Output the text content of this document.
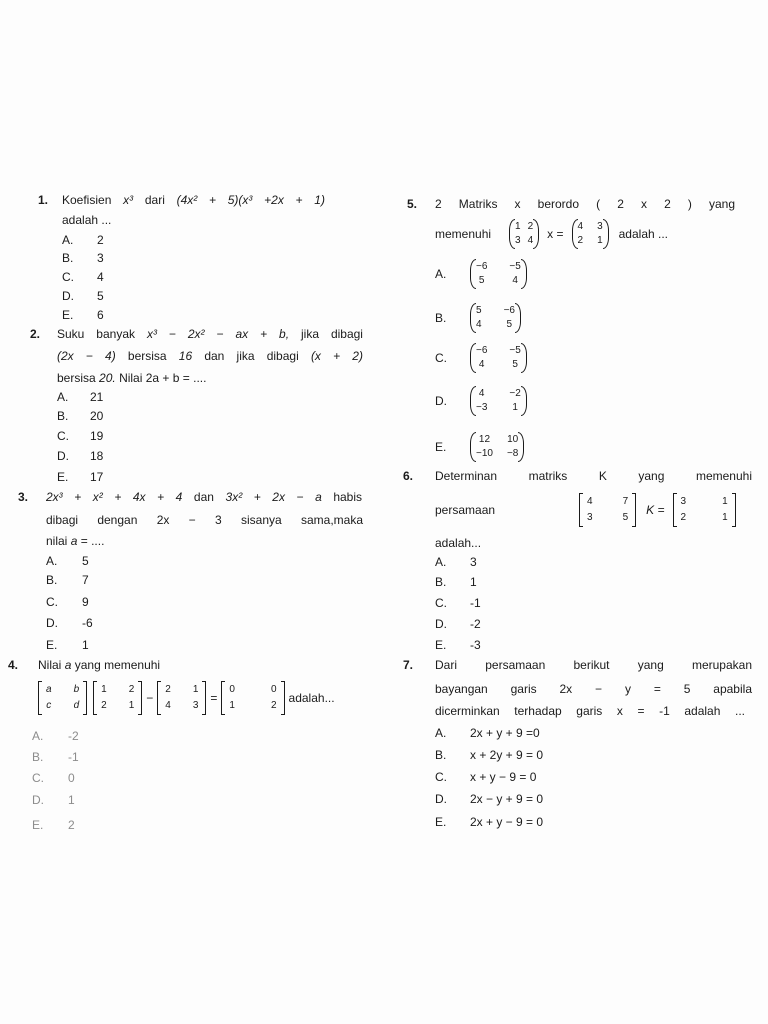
1. Koefisien x³ dari (4x² + 5)(x³ +2x + 1)
adalah ...
A. 2
B. 3
C. 4
D. 5
E. 6
2. Suku banyak x³ − 2x² − ax + b, jika dibagi
(2x − 4) bersisa 16 dan jika dibagi (x + 2)
bersisa 20. Nilai 2a + b = ....
A. 21
B. 20
C. 19
D. 18
E. 17
3. 2x³ + x² + 4x + 4 dan 3x² + 2x − a habis
dibagi dengan 2x − 3 sisanya sama,maka
nilai a = ....
A. 5
B. 7
C. 9
D. -6
E. 1
4. Nilai a yang memenuhi
a b
c d
1 2
2 1
−
2 1
4 3
=
0	0
1	2
adalah...
A. -2
B. -1
C. 0
D. 1
E. 2
5. 2 Matriks x berordo ( 2 x 2 ) yang
memenuhi
1 2
3 4 x =
4 3
2 1 adalah ...
A.
−6 −5
5	4
B.
5 −6
4 5
C.
−6 −5
4	5
D.
4 −2
−3 1
E.
12 10
−10 −8
6. Determinan matriks K yang memenuhi
persamaan
4	7
3	5
K =
3	1
2	1
adalah...
A. 3
B. 1
C. -1
D. -2
E. -3
7. Dari persamaan berikut yang merupakan
bayangan garis 2x − y = 5 apabila
dicerminkan terhadap garis x = -1 adalah ...
A. 2x + y + 9 =0
B. x + 2y + 9 = 0
C. x + y − 9 = 0
D. 2x − y + 9 = 0
E. 2x + y − 9 = 0
